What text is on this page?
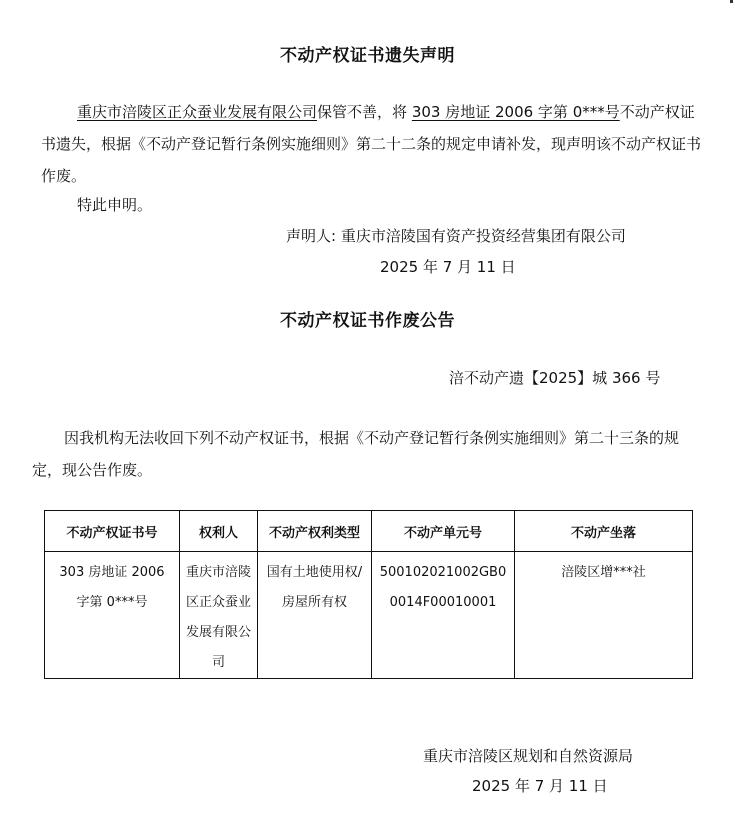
不动产权证书遗失声明
重庆市涪陵区正众蚕业发展有限公司保管不善，将 303 房地证 2006 字第 0***号不动产权证书遗失，根据《不动产登记暂行条例实施细则》第二十二条的规定申请补发，现声明该不动产权证书作废。
特此申明。
声明人: 重庆市涪陵国有资产投资经营集团有限公司
2025 年 7 月 11 日
不动产权证书作废公告
涪不动产遗【2025】城 366 号
因我机构无法收回下列不动产权证书，根据《不动产登记暂行条例实施细则》第二十三条的规定，现公告作废。
不动产权证书号	权利人	不动产权利类型	不动产单元号	不动产坐落
303 房地证 2006 字第 0***号	重庆市涪陵区正众蚕业发展有限公司	国有土地使用权/房屋所有权	500102021002GB00014F00010001	涪陵区增***社
重庆市涪陵区规划和自然资源局
2025 年 7 月 11 日
